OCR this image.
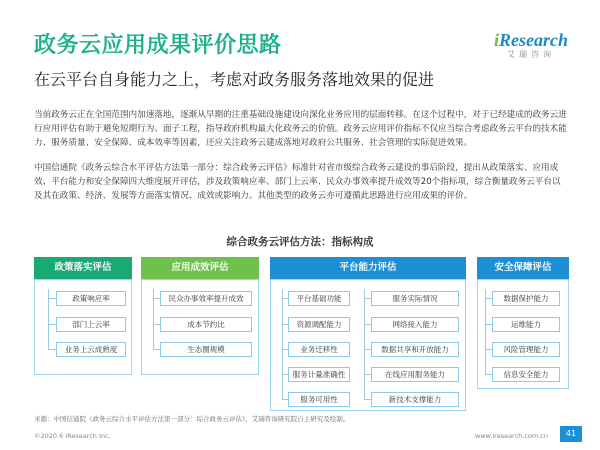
政务云应用成果评价思路
在云平台自身能力之上，考虑对政务服务落地效果的促进
iResearch
艾瑞咨询

当前政务云正在全国范围内加速落地，逐渐从早期的注重基础设施建设向深化业务应用的层面转移。在这个过程中，对于已经建成的政务云进行应用评估有助于避免短期行为、面子工程，指导政府机构最大化政务云的价值。政务云应用评价指标不仅应当综合考虑政务云平台的技术能力、服务质量、安全保障、成本效率等因素，还应关注政务云建成落地对政府公共服务、社会管理的实际促进效果。

中国信通院《政务云综合水平评估方法第一部分：综合政务云评估》标准针对省市级综合政务云建设的事后阶段，提出从政策落实、应用成效、平台能力和安全保障四大维度展开评估，涉及政策响应率、部门上云率、民众办事效率提升成效等20个指标项，综合衡量政务云平台以及其在政策、经济、发展等方面落实情况、成效或影响力。其他类型的政务云亦可遵循此思路进行应用成果的评价。

综合政务云评估方法：指标构成
政策落实评估
政策响应率
部门上云率
业务上云成熟度
应用成效评估
民众办事效率提升成效
成本节约比
生态圈规模
平台能力评估
平台基础功能
资源调配能力
业务迁移性
服务计量准确性
服务可用性
服务实际情况
网络接入能力
数据共享和开放能力
在线应用服务能力
新技术支撑能力
安全保障评估
数据保护能力
运维能力
风险管理能力
信息安全能力
来源：中国信通院《政务云综合水平评估方法第一部分：综合政务云评估》，艾瑞咨询研究院自主研究及绘制。
©2020.6 iResearch Inc.	www.iresearch.com.cn	41
